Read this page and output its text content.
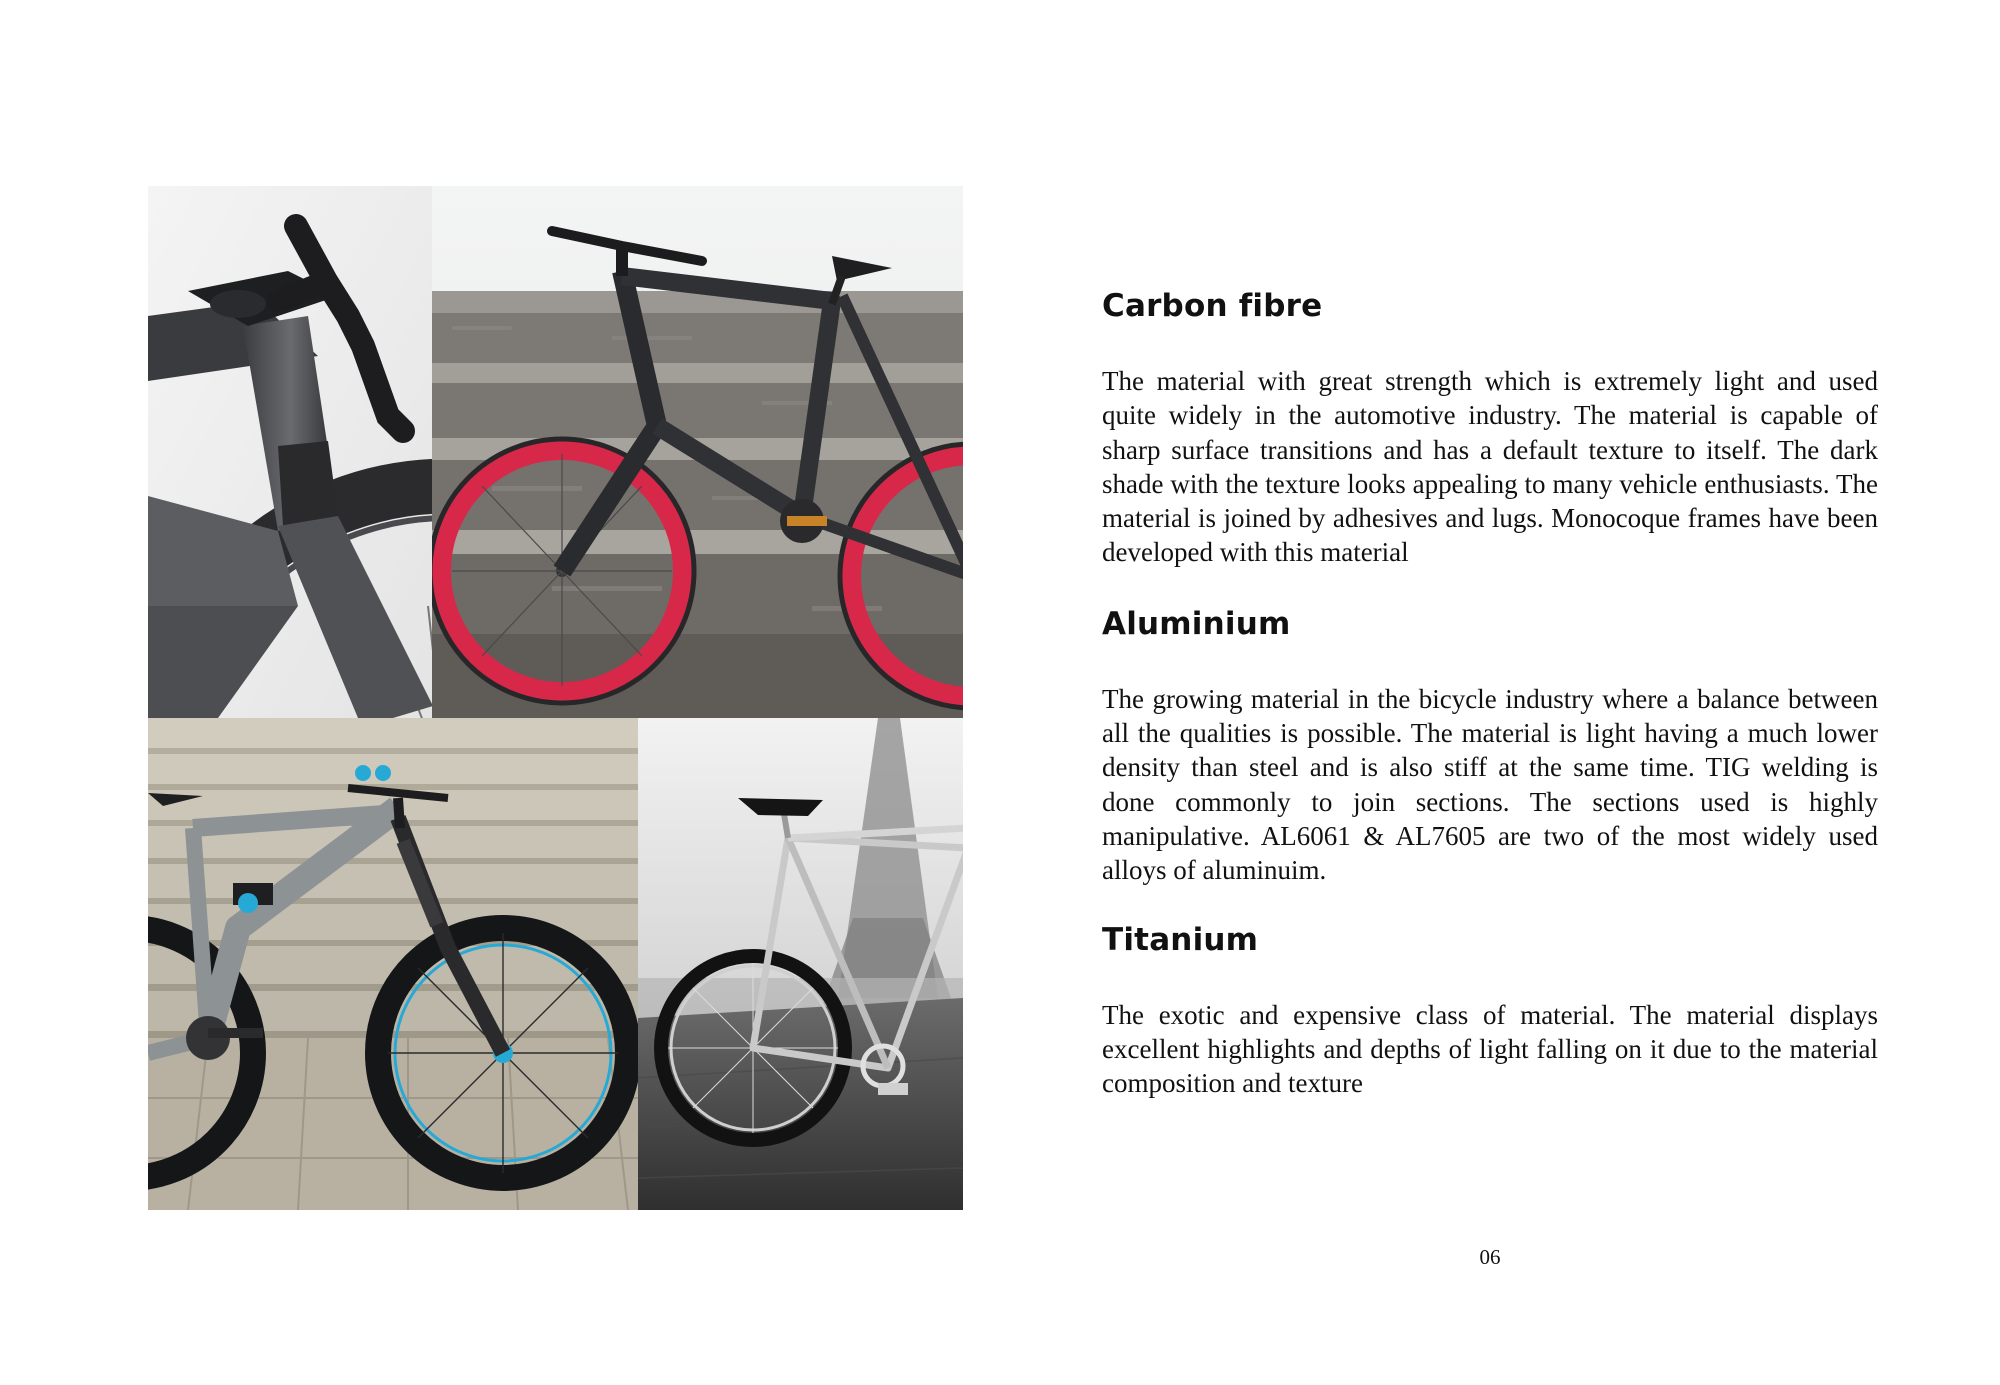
Carbon fibre

The material with great strength which is extremely light and used quite widely in the automotive industry. The material is capable of sharp surface transitions and has a default texture to itself. The dark shade with the texture looks appealing to many vehicle enthusiasts. The material is joined by adhesives and lugs. Monocoque frames have been developed with this material

Aluminium

The growing material in the bicycle industry where a balance between all the qualities is possible. The material is light having a much lower density than steel and is also stiff at the same time. TIG welding is done commonly to join sections. The sections used is highly manipulative. AL6061 & AL7605 are two of the most widely used alloys of aluminuim.

Titanium

The exotic and expensive class of material. The material displays excellent highlights and depths of light falling on it due to the material composition and texture

06
